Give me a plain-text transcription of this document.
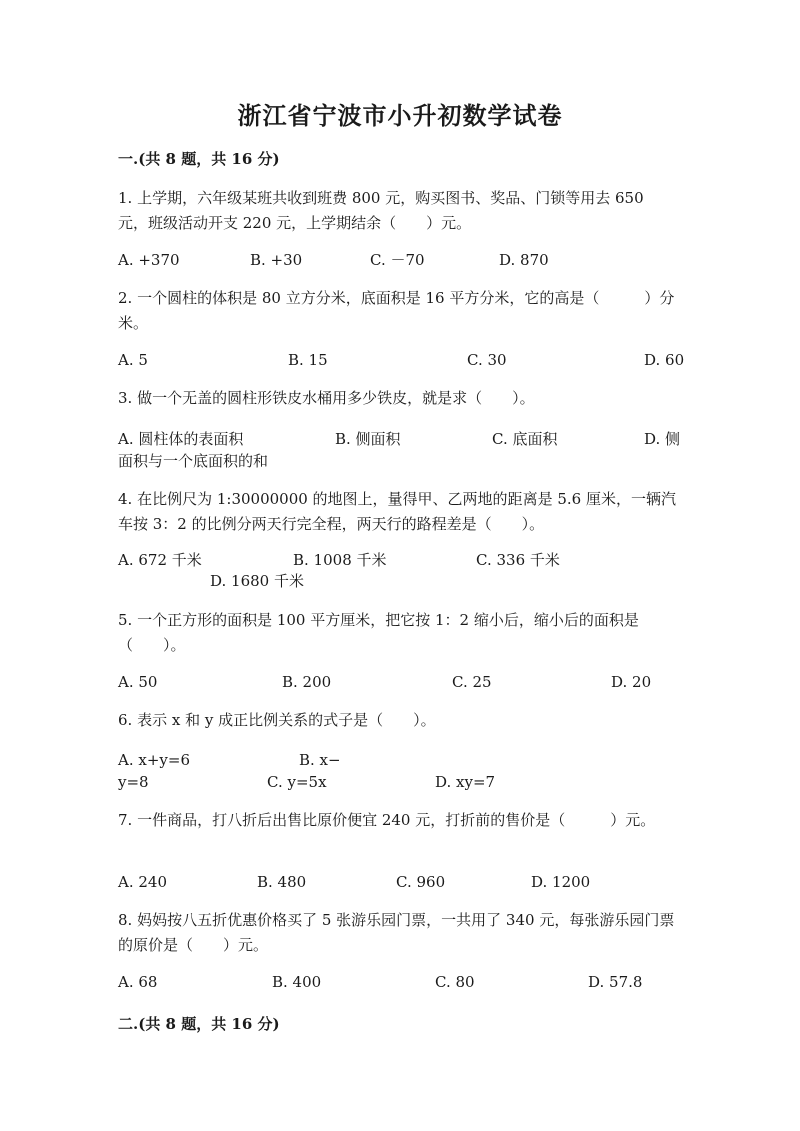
浙江省宁波市小升初数学试卷
一.(共 8 题，共 16 分)
1. 上学期，六年级某班共收到班费 800 元，购买图书、奖品、门锁等用去 650 元，班级活动开支 220 元，上学期结余（　　）元。
A. +370	B. +30	C. －70	D. 870
2. 一个圆柱的体积是 80 立方分米，底面积是 16 平方分米，它的高是（　　　）分米。
A. 5	B. 15	C. 30	D. 60
3. 做一个无盖的圆柱形铁皮水桶用多少铁皮，就是求（　　）。
A. 圆柱体的表面积	B. 侧面积	C. 底面积	D. 侧
面积与一个底面积的和
4. 在比例尺为 1:30000000 的地图上，量得甲、乙两地的距离是 5.6 厘米，一辆汽车按 3：2 的比例分两天行完全程，两天行的路程差是（　　）。
A. 672 千米	B. 1008 千米	C. 336 千米
D. 1680 千米
5. 一个正方形的面积是 100 平方厘米，把它按 1：2 缩小后，缩小后的面积是（　　）。
A. 50	B. 200	C. 25	D. 20
6. 表示 x 和 y 成正比例关系的式子是（　　）。
A. x+y=6	B. x−
y=8	C. y=5x	D. xy=7
7. 一件商品，打八折后出售比原价便宜 240 元，打折前的售价是（　　　）元。
A. 240	B. 480	C. 960	D. 1200
8. 妈妈按八五折优惠价格买了 5 张游乐园门票，一共用了 340 元，每张游乐园门票的原价是（　　）元。
A. 68	B. 400	C. 80	D. 57.8
二.(共 8 题，共 16 分)
